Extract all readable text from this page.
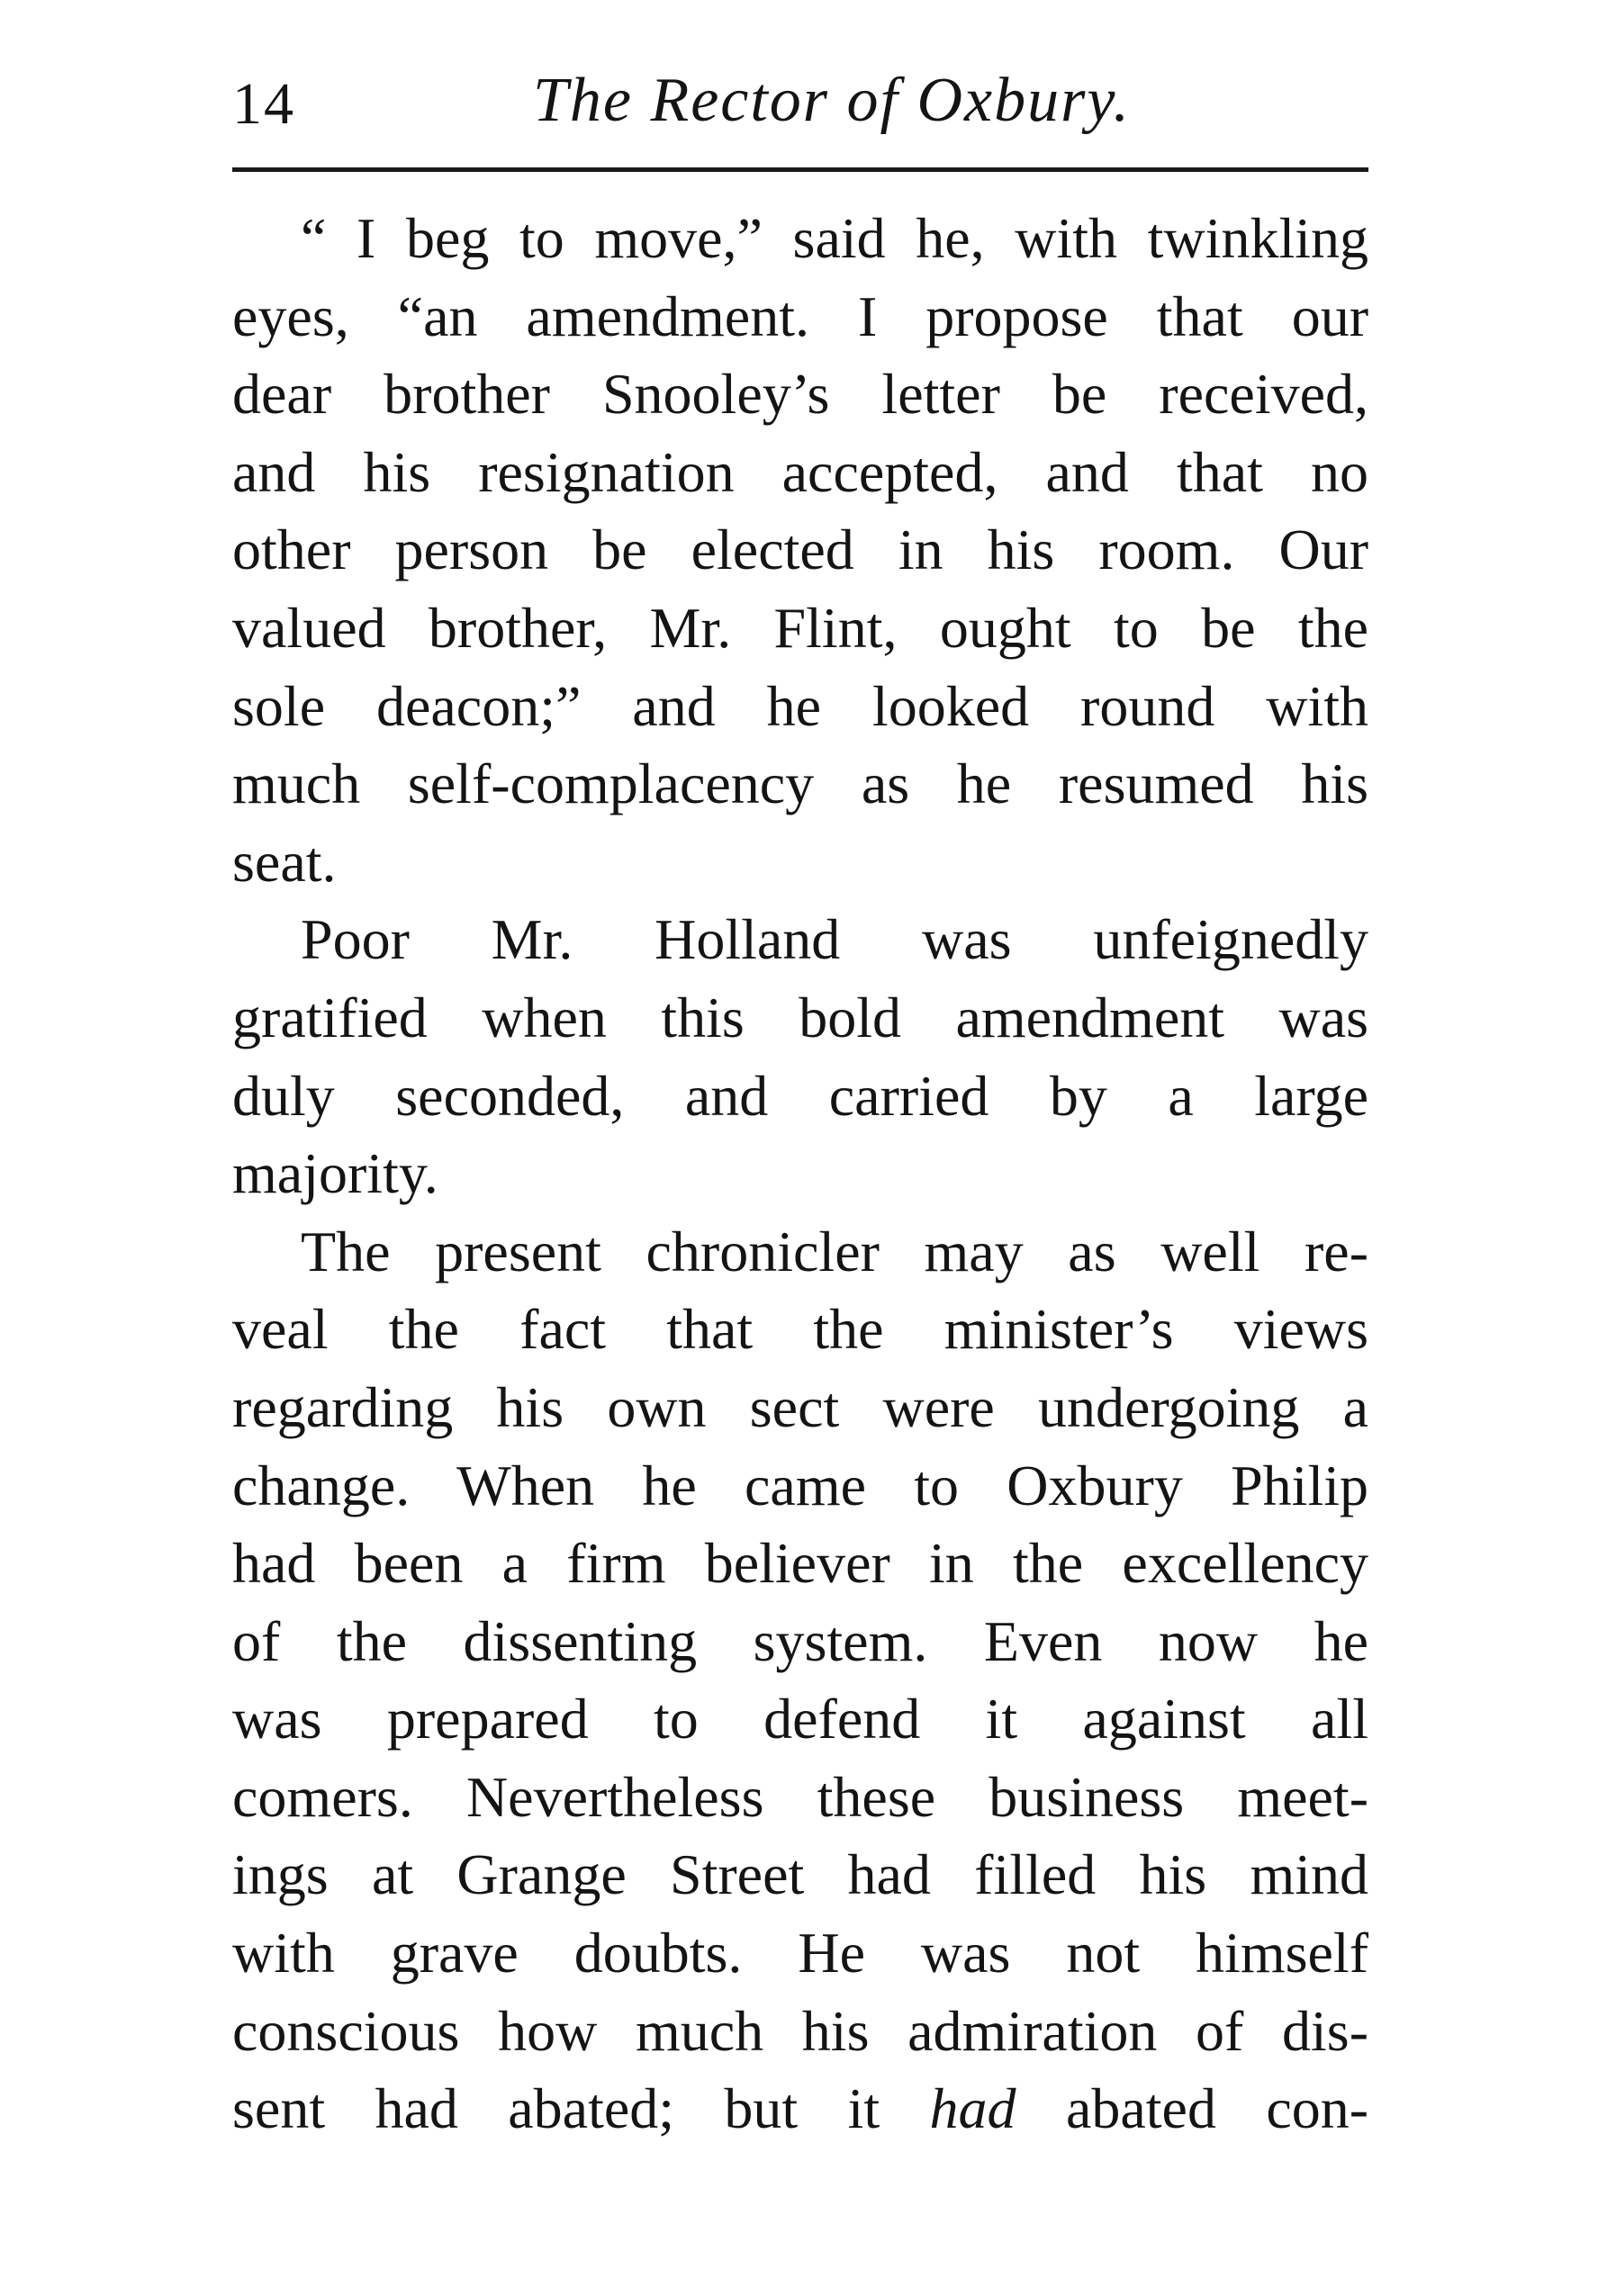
14	The Rector of Oxbury.
“ I beg to move,” said he, with twinkling
eyes, “an amendment. I propose that our
dear brother Snooley’s letter be received,
and his resignation accepted, and that no
other person be elected in his room. Our
valued brother, Mr. Flint, ought to be the
sole deacon;” and he looked round with
much self-complacency as he resumed his
seat.
Poor Mr. Holland was unfeignedly
gratified when this bold amendment was
duly seconded, and carried by a large
majority.
The present chronicler may as well re-
veal the fact that the minister’s views
regarding his own sect were undergoing a
change. When he came to Oxbury Philip
had been a firm believer in the excellency
of the dissenting system. Even now he
was prepared to defend it against all
comers. Nevertheless these business meet-
ings at Grange Street had filled his mind
with grave doubts. He was not himself
conscious how much his admiration of dis-
sent had abated; but it had abated con-
